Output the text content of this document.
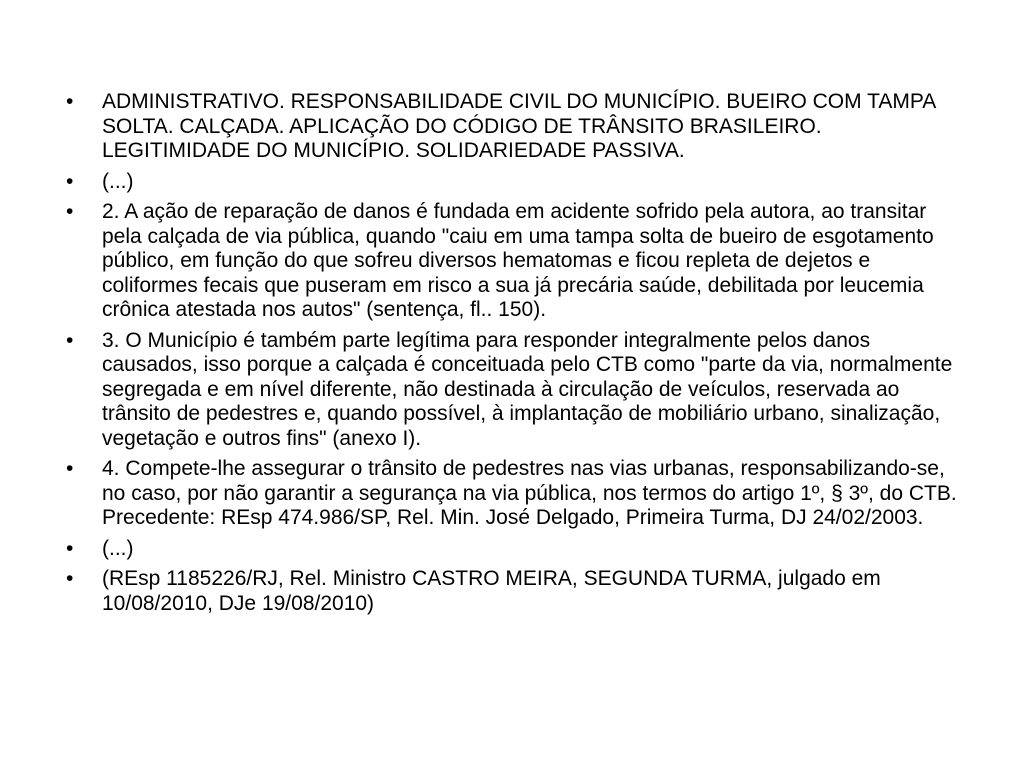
•	ADMINISTRATIVO. RESPONSABILIDADE CIVIL DO MUNICÍPIO. BUEIRO COM TAMPA SOLTA. CALÇADA. APLICAÇÃO DO CÓDIGO DE TRÂNSITO BRASILEIRO. LEGITIMIDADE DO MUNICÍPIO. SOLIDARIEDADE PASSIVA.
•	(...)
•	2. A ação de reparação de danos é fundada em acidente sofrido pela autora, ao transitar pela calçada de via pública, quando "caiu em uma tampa solta de bueiro de esgotamento público, em função do que sofreu diversos hematomas e ficou repleta de dejetos e coliformes fecais que puseram em risco a sua já precária saúde, debilitada por leucemia crônica atestada nos autos" (sentença, fl.. 150).
•	3. O Município é também parte legítima para responder integralmente pelos danos causados, isso porque a calçada é conceituada pelo CTB como "parte da via, normalmente segregada e em nível diferente, não destinada à circulação de veículos, reservada ao trânsito de pedestres e, quando possível, à implantação de mobiliário urbano, sinalização, vegetação e outros fins" (anexo I).
•	4. Compete-lhe assegurar o trânsito de pedestres nas vias urbanas, responsabilizando-se, no caso, por não garantir a segurança na via pública, nos termos do artigo 1º, § 3º, do CTB. Precedente: REsp 474.986/SP, Rel. Min. José Delgado, Primeira Turma, DJ 24/02/2003.
•	(...)
•	(REsp 1185226/RJ, Rel. Ministro CASTRO MEIRA, SEGUNDA TURMA, julgado em 10/08/2010, DJe 19/08/2010)
